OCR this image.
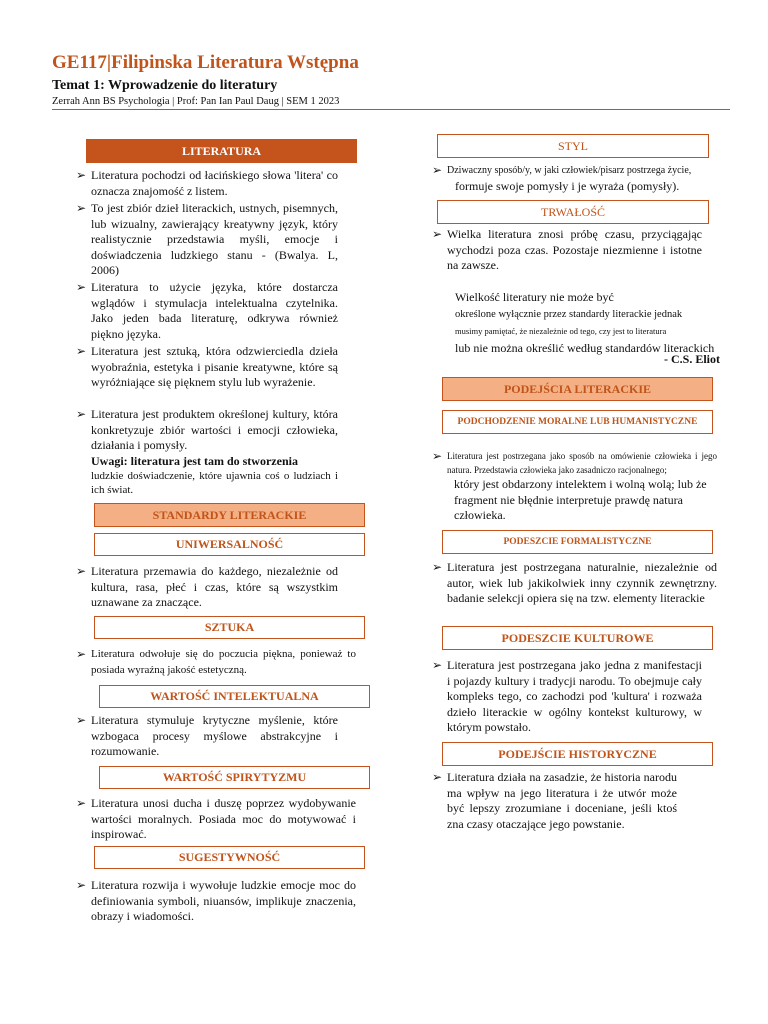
GE117|Filipinska Literatura Wstępna
Temat 1: Wprowadzenie do literatury
Zerrah Ann BS Psychologia | Prof: Pan Ian Paul Daug | SEM 1 2023
LITERATURA
➢ Literatura pochodzi od łacińskiego słowa 'litera' co oznacza znajomość z listem.
➢ To jest zbiór dzieł literackich, ustnych, pisemnych, lub wizualny, zawierający kreatywny język, który realistycznie przedstawia myśli, emocje i doświadczenia ludzkiego stanu - (Bwalya. L, 2006)
➢ Literatura to użycie języka, które dostarcza wglądów i stymulacja intelektualna czytelnika. Jako jeden bada literaturę, odkrywa również piękno języka.
➢ Literatura jest sztuką, która odzwierciedla dzieła wyobraźnia, estetyka i pisanie kreatywne, które są wyróżniające się pięknem stylu lub wyrażenie.
➢ Literatura jest produktem określonej kultury, która konkretyzuje zbiór wartości i emocji człowieka, działania i pomysły.
Uwagi: literatura jest tam do stworzenia
ludzkie doświadczenie, które ujawnia coś o ludziach i ich świat.
STANDARDY LITERACKIE
UNIWERSALNOŚĆ
➢ Literatura przemawia do każdego, niezależnie od kultura, rasa, płeć i czas, które są wszystkim uznawane za znaczące.
SZTUKA
➢ Literatura odwołuje się do poczucia piękna, ponieważ to posiada wyraźną jakość estetyczną.
WARTOŚĆ INTELEKTUALNA
➢ Literatura stymuluje krytyczne myślenie, które wzbogaca procesy myślowe abstrakcyjne i rozumowanie.
WARTOŚĆ SPIRYTYZMU
➢ Literatura unosi ducha i duszę poprzez wydobywanie wartości moralnych. Posiada moc do motywować i inspirować.
SUGESTYWNOŚĆ
➢ Literatura rozwija i wywołuje ludzkie emocje moc do definiowania symboli, niuansów, implikuje znaczenia, obrazy i wiadomości.
STYL
➢ Dziwaczny sposób/y, w jaki człowiek/pisarz postrzega życie,
formuje swoje pomysły i je wyraża (pomysły).
TRWAŁOŚĆ
➢ Wielka literatura znosi próbę czasu, przyciągając wychodzi poza czas. Pozostaje niezmienne i istotne na zawsze.
Wielkość literatury nie może być
określone wyłącznie przez standardy literackie jednak
musimy pamiętać, że niezależnie od tego, czy jest to literatura
lub nie można określić według standardów literackich
- C.S. Eliot
PODEJŚCIA LITERACKIE
PODCHODZENIE MORALNE LUB HUMANISTYCZNE
➢ Literatura jest postrzegana jako sposób na omówienie człowieka i jego natura. Przedstawia człowieka jako zasadniczo racjonalnego;
który jest obdarzony intelektem i wolną wolą; lub że fragment nie błędnie interpretuje prawdę natura człowieka.
PODESZCIE FORMALISTYCZNE
➢ Literatura jest postrzegana naturalnie, niezależnie od autor, wiek lub jakikolwiek inny czynnik zewnętrzny. badanie selekcji opiera się na tzw. elementy literackie
PODESZCIE KULTUROWE
➢ Literatura jest postrzegana jako jedna z manifestacji i pojazdy kultury i tradycji narodu. To obejmuje cały kompleks tego, co zachodzi pod 'kultura' i rozważa dzieło literackie w ogólny kontekst kulturowy, w którym powstało.
PODEJŚCIE HISTORYCZNE
➢ Literatura działa na zasadzie, że historia narodu ma wpływ na jego literatura i że utwór może być lepszy zrozumiane i doceniane, jeśli ktoś zna czasy otaczające jego powstanie.
